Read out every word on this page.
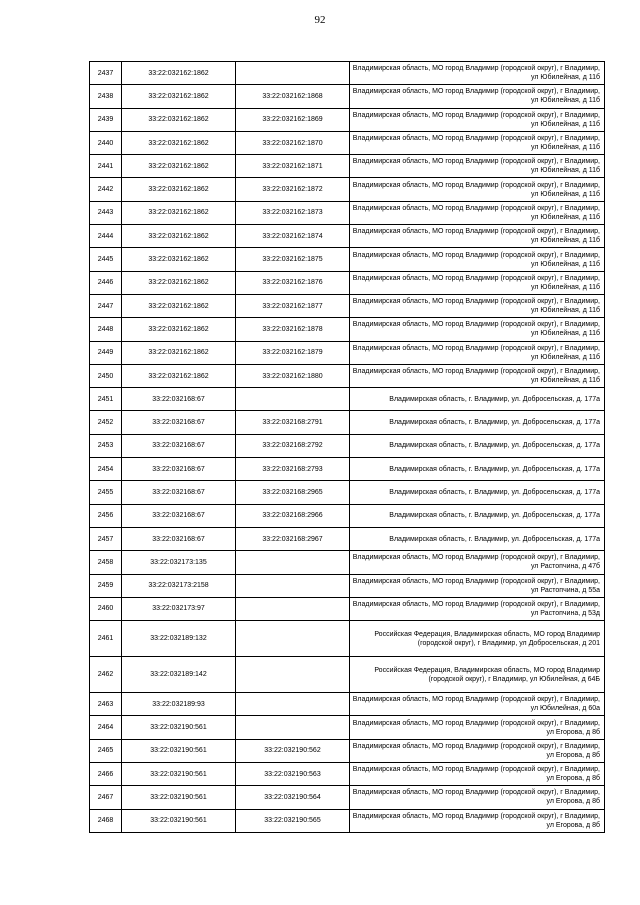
92
2437	33:22:032162:1862		Владимирская область, МО город Владимир (городской округ), г Владимир, ул Юбилейная, д 11б
2438	33:22:032162:1862	33:22:032162:1868	Владимирская область, МО город Владимир (городской округ), г Владимир, ул Юбилейная, д 11б
2439	33:22:032162:1862	33:22:032162:1869	Владимирская область, МО город Владимир (городской округ), г Владимир, ул Юбилейная, д 11б
2440	33:22:032162:1862	33:22:032162:1870	Владимирская область, МО город Владимир (городской округ), г Владимир, ул Юбилейная, д 11б
2441	33:22:032162:1862	33:22:032162:1871	Владимирская область, МО город Владимир (городской округ), г Владимир, ул Юбилейная, д 11б
2442	33:22:032162:1862	33:22:032162:1872	Владимирская область, МО город Владимир (городской округ), г Владимир, ул Юбилейная, д 11б
2443	33:22:032162:1862	33:22:032162:1873	Владимирская область, МО город Владимир (городской округ), г Владимир, ул Юбилейная, д 11б
2444	33:22:032162:1862	33:22:032162:1874	Владимирская область, МО город Владимир (городской округ), г Владимир, ул Юбилейная, д 11б
2445	33:22:032162:1862	33:22:032162:1875	Владимирская область, МО город Владимир (городской округ), г Владимир, ул Юбилейная, д 11б
2446	33:22:032162:1862	33:22:032162:1876	Владимирская область, МО город Владимир (городской округ), г Владимир, ул Юбилейная, д 11б
2447	33:22:032162:1862	33:22:032162:1877	Владимирская область, МО город Владимир (городской округ), г Владимир, ул Юбилейная, д 11б
2448	33:22:032162:1862	33:22:032162:1878	Владимирская область, МО город Владимир (городской округ), г Владимир, ул Юбилейная, д 11б
2449	33:22:032162:1862	33:22:032162:1879	Владимирская область, МО город Владимир (городской округ), г Владимир, ул Юбилейная, д 11б
2450	33:22:032162:1862	33:22:032162:1880	Владимирская область, МО город Владимир (городской округ), г Владимир, ул Юбилейная, д 11б
2451	33:22:032168:67		Владимирская область, г. Владимир, ул. Добросельская, д. 177а
2452	33:22:032168:67	33:22:032168:2791	Владимирская область, г. Владимир, ул. Добросельская, д. 177а
2453	33:22:032168:67	33:22:032168:2792	Владимирская область, г. Владимир, ул. Добросельская, д. 177а
2454	33:22:032168:67	33:22:032168:2793	Владимирская область, г. Владимир, ул. Добросельская, д. 177а
2455	33:22:032168:67	33:22:032168:2965	Владимирская область, г. Владимир, ул. Добросельская, д. 177а
2456	33:22:032168:67	33:22:032168:2966	Владимирская область, г. Владимир, ул. Добросельская, д. 177а
2457	33:22:032168:67	33:22:032168:2967	Владимирская область, г. Владимир, ул. Добросельская, д. 177а
2458	33:22:032173:135		Владимирская область, МО город Владимир (городской округ), г Владимир, ул Растопчина, д 47б
2459	33:22:032173:2158		Владимирская область, МО город Владимир (городской округ), г Владимир, ул Растопчина, д 55а
2460	33:22:032173:97		Владимирская область, МО город Владимир (городской округ), г Владимир, ул Растопчина, д 53д
2461	33:22:032189:132		Российская Федерация, Владимирская область, МО город Владимир (городской округ), г Владимир, ул Добросельская, д 201
2462	33:22:032189:142		Российская Федерация, Владимирская область, МО город Владимир (городской округ), г Владимир, ул Юбилейная, д 64Б
2463	33:22:032189:93		Владимирская область, МО город Владимир (городской округ), г Владимир, ул Юбилейная, д 60а
2464	33:22:032190:561		Владимирская область, МО город Владимир (городской округ), г Владимир, ул Егорова, д 8б
2465	33:22:032190:561	33:22:032190:562	Владимирская область, МО город Владимир (городской округ), г Владимир, ул Егорова, д 8б
2466	33:22:032190:561	33:22:032190:563	Владимирская область, МО город Владимир (городской округ), г Владимир, ул Егорова, д 8б
2467	33:22:032190:561	33:22:032190:564	Владимирская область, МО город Владимир (городской округ), г Владимир, ул Егорова, д 8б
2468	33:22:032190:561	33:22:032190:565	Владимирская область, МО город Владимир (городской округ), г Владимир, ул Егорова, д 8б
